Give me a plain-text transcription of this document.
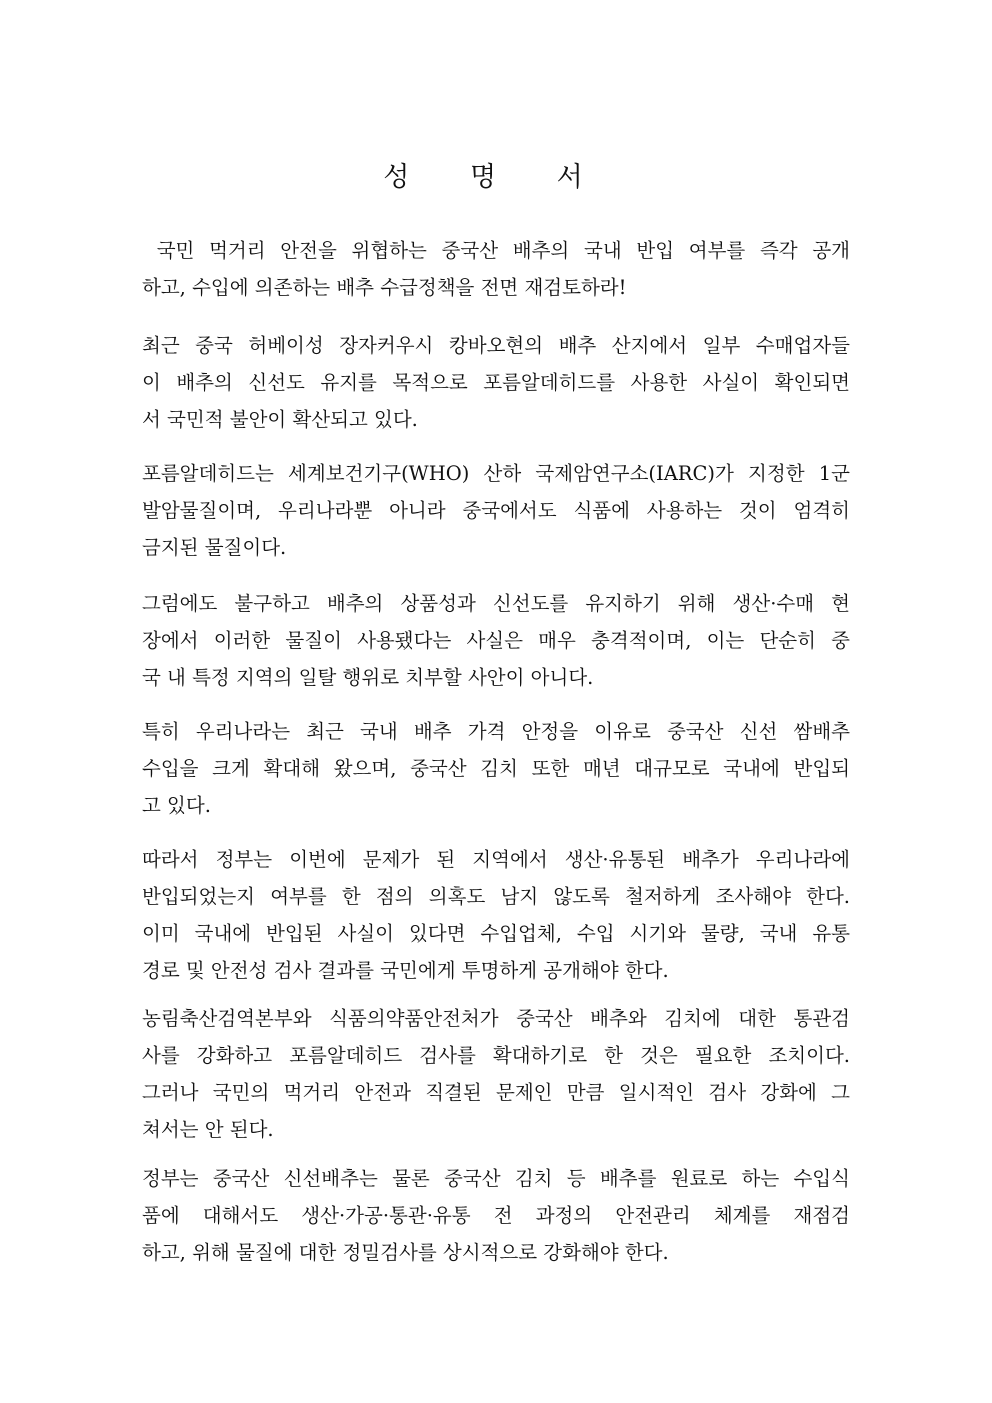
성 명 서
국민 먹거리 안전을 위협하는 중국산 배추의 국내 반입 여부를 즉각 공개
하고, 수입에 의존하는 배추 수급정책을 전면 재검토하라!
최근 중국 허베이성 장자커우시 캉바오현의 배추 산지에서 일부 수매업자들
이 배추의 신선도 유지를 목적으로 포름알데히드를 사용한 사실이 확인되면
서 국민적 불안이 확산되고 있다.
포름알데히드는 세계보건기구(WHO) 산하 국제암연구소(IARC)가 지정한 1군
발암물질이며, 우리나라뿐 아니라 중국에서도 식품에 사용하는 것이 엄격히
금지된 물질이다.
그럼에도 불구하고 배추의 상품성과 신선도를 유지하기 위해 생산·수매 현
장에서 이러한 물질이 사용됐다는 사실은 매우 충격적이며, 이는 단순히 중
국 내 특정 지역의 일탈 행위로 치부할 사안이 아니다.
특히 우리나라는 최근 국내 배추 가격 안정을 이유로 중국산 신선 쌈배추
수입을 크게 확대해 왔으며, 중국산 김치 또한 매년 대규모로 국내에 반입되
고 있다.
따라서 정부는 이번에 문제가 된 지역에서 생산·유통된 배추가 우리나라에
반입되었는지 여부를 한 점의 의혹도 남지 않도록 철저하게 조사해야 한다.
이미 국내에 반입된 사실이 있다면 수입업체, 수입 시기와 물량, 국내 유통
경로 및 안전성 검사 결과를 국민에게 투명하게 공개해야 한다.
농림축산검역본부와 식품의약품안전처가 중국산 배추와 김치에 대한 통관검
사를 강화하고 포름알데히드 검사를 확대하기로 한 것은 필요한 조치이다.
그러나 국민의 먹거리 안전과 직결된 문제인 만큼 일시적인 검사 강화에 그
쳐서는 안 된다.
정부는 중국산 신선배추는 물론 중국산 김치 등 배추를 원료로 하는 수입식
품에 대해서도 생산·가공·통관·유통 전 과정의 안전관리 체계를 재점검
하고, 위해 물질에 대한 정밀검사를 상시적으로 강화해야 한다.
